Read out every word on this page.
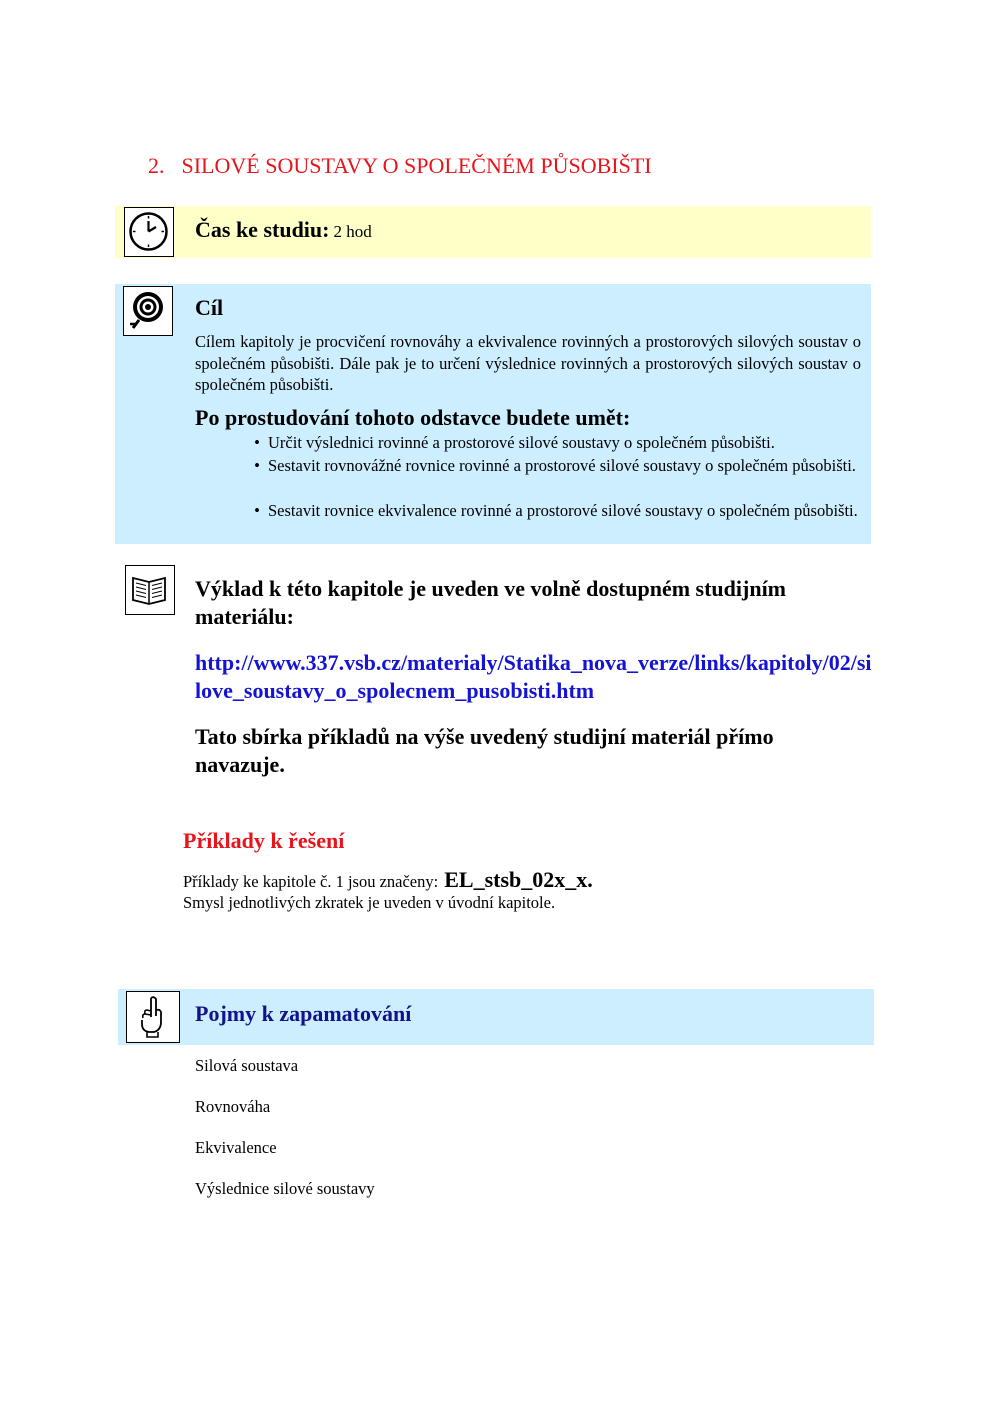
2. SILOVÉ SOUSTAVY O SPOLEČNÉM PŮSOBIŠTI
Čas ke studiu: 2 hod
Cíl
Cílem kapitoly je procvičení rovnováhy a ekvivalence rovinných a prostorových silových soustav o společném působišti. Dále pak je to určení výslednice rovinných a prostorových silových soustav o společném působišti.
Po prostudování tohoto odstavce budete umět:
• Určit výslednici rovinné a prostorové silové soustavy o společném působišti.
• Sestavit rovnovážné rovnice rovinné a prostorové silové soustavy o společném působišti.
• Sestavit rovnice ekvivalence rovinné a prostorové silové soustavy o společném působišti.
Výklad k této kapitole je uveden ve volně dostupném studijním materiálu:
http://www.337.vsb.cz/materialy/Statika_nova_verze/links/kapitoly/02/silove_soustavy_o_spolecnem_pusobisti.htm
Tato sbírka příkladů na výše uvedený studijní materiál přímo navazuje.
Příklady k řešení
Příklady ke kapitole č. 1 jsou značeny: EL_stsb_02x_x.
Smysl jednotlivých zkratek je uveden v úvodní kapitole.
Pojmy k zapamatování
Silová soustava
Rovnováha
Ekvivalence
Výslednice silové soustavy
